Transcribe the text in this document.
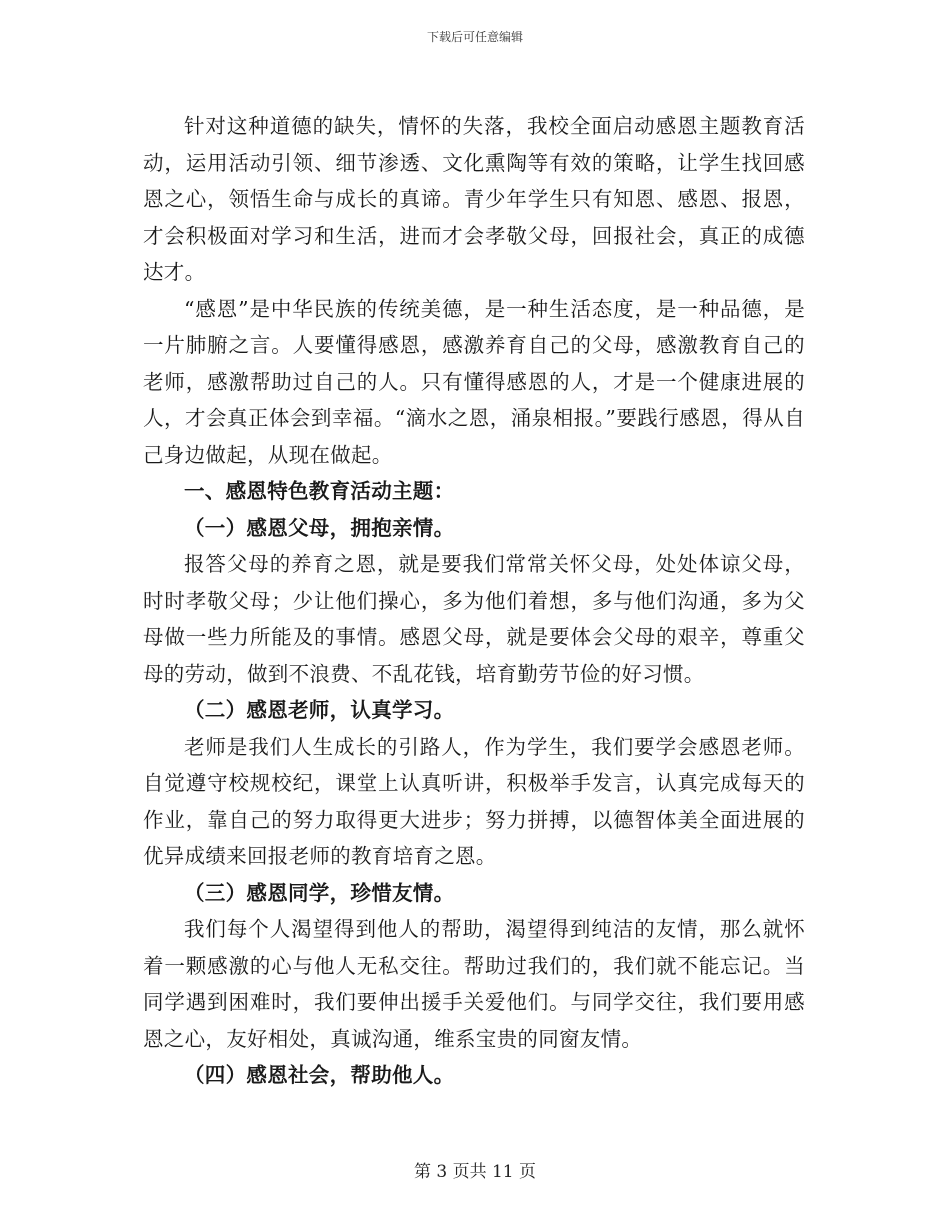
下载后可任意编辑

针对这种道德的缺失，情怀的失落，我校全面启动感恩主题教育活动，运用活动引领、细节渗透、文化熏陶等有效的策略，让学生找回感恩之心，领悟生命与成长的真谛。青少年学生只有知恩、感恩、报恩，才会积极面对学习和生活，进而才会孝敬父母，回报社会，真正的成德达才。

“感恩”是中华民族的传统美德，是一种生活态度，是一种品德，是一片肺腑之言。人要懂得感恩，感激养育自己的父母，感激教育自己的老师，感激帮助过自己的人。只有懂得感恩的人，才是一个健康进展的人，才会真正体会到幸福。“滴水之恩，涌泉相报。”要践行感恩，得从自己身边做起，从现在做起。

一、感恩特色教育活动主题：

（一）感恩父母，拥抱亲情。

报答父母的养育之恩，就是要我们常常关怀父母，处处体谅父母，时时孝敬父母；少让他们操心，多为他们着想，多与他们沟通，多为父母做一些力所能及的事情。感恩父母，就是要体会父母的艰辛，尊重父母的劳动，做到不浪费、不乱花钱，培育勤劳节俭的好习惯。

（二）感恩老师，认真学习。

老师是我们人生成长的引路人，作为学生，我们要学会感恩老师。自觉遵守校规校纪，课堂上认真听讲，积极举手发言，认真完成每天的作业，靠自己的努力取得更大进步；努力拼搏，以德智体美全面进展的优异成绩来回报老师的教育培育之恩。

（三）感恩同学，珍惜友情。

我们每个人渴望得到他人的帮助，渴望得到纯洁的友情，那么就怀着一颗感激的心与他人无私交往。帮助过我们的，我们就不能忘记。当同学遇到困难时，我们要伸出援手关爱他们。与同学交往，我们要用感恩之心，友好相处，真诚沟通，维系宝贵的同窗友情。

（四）感恩社会，帮助他人。

第 3 页共 11 页
